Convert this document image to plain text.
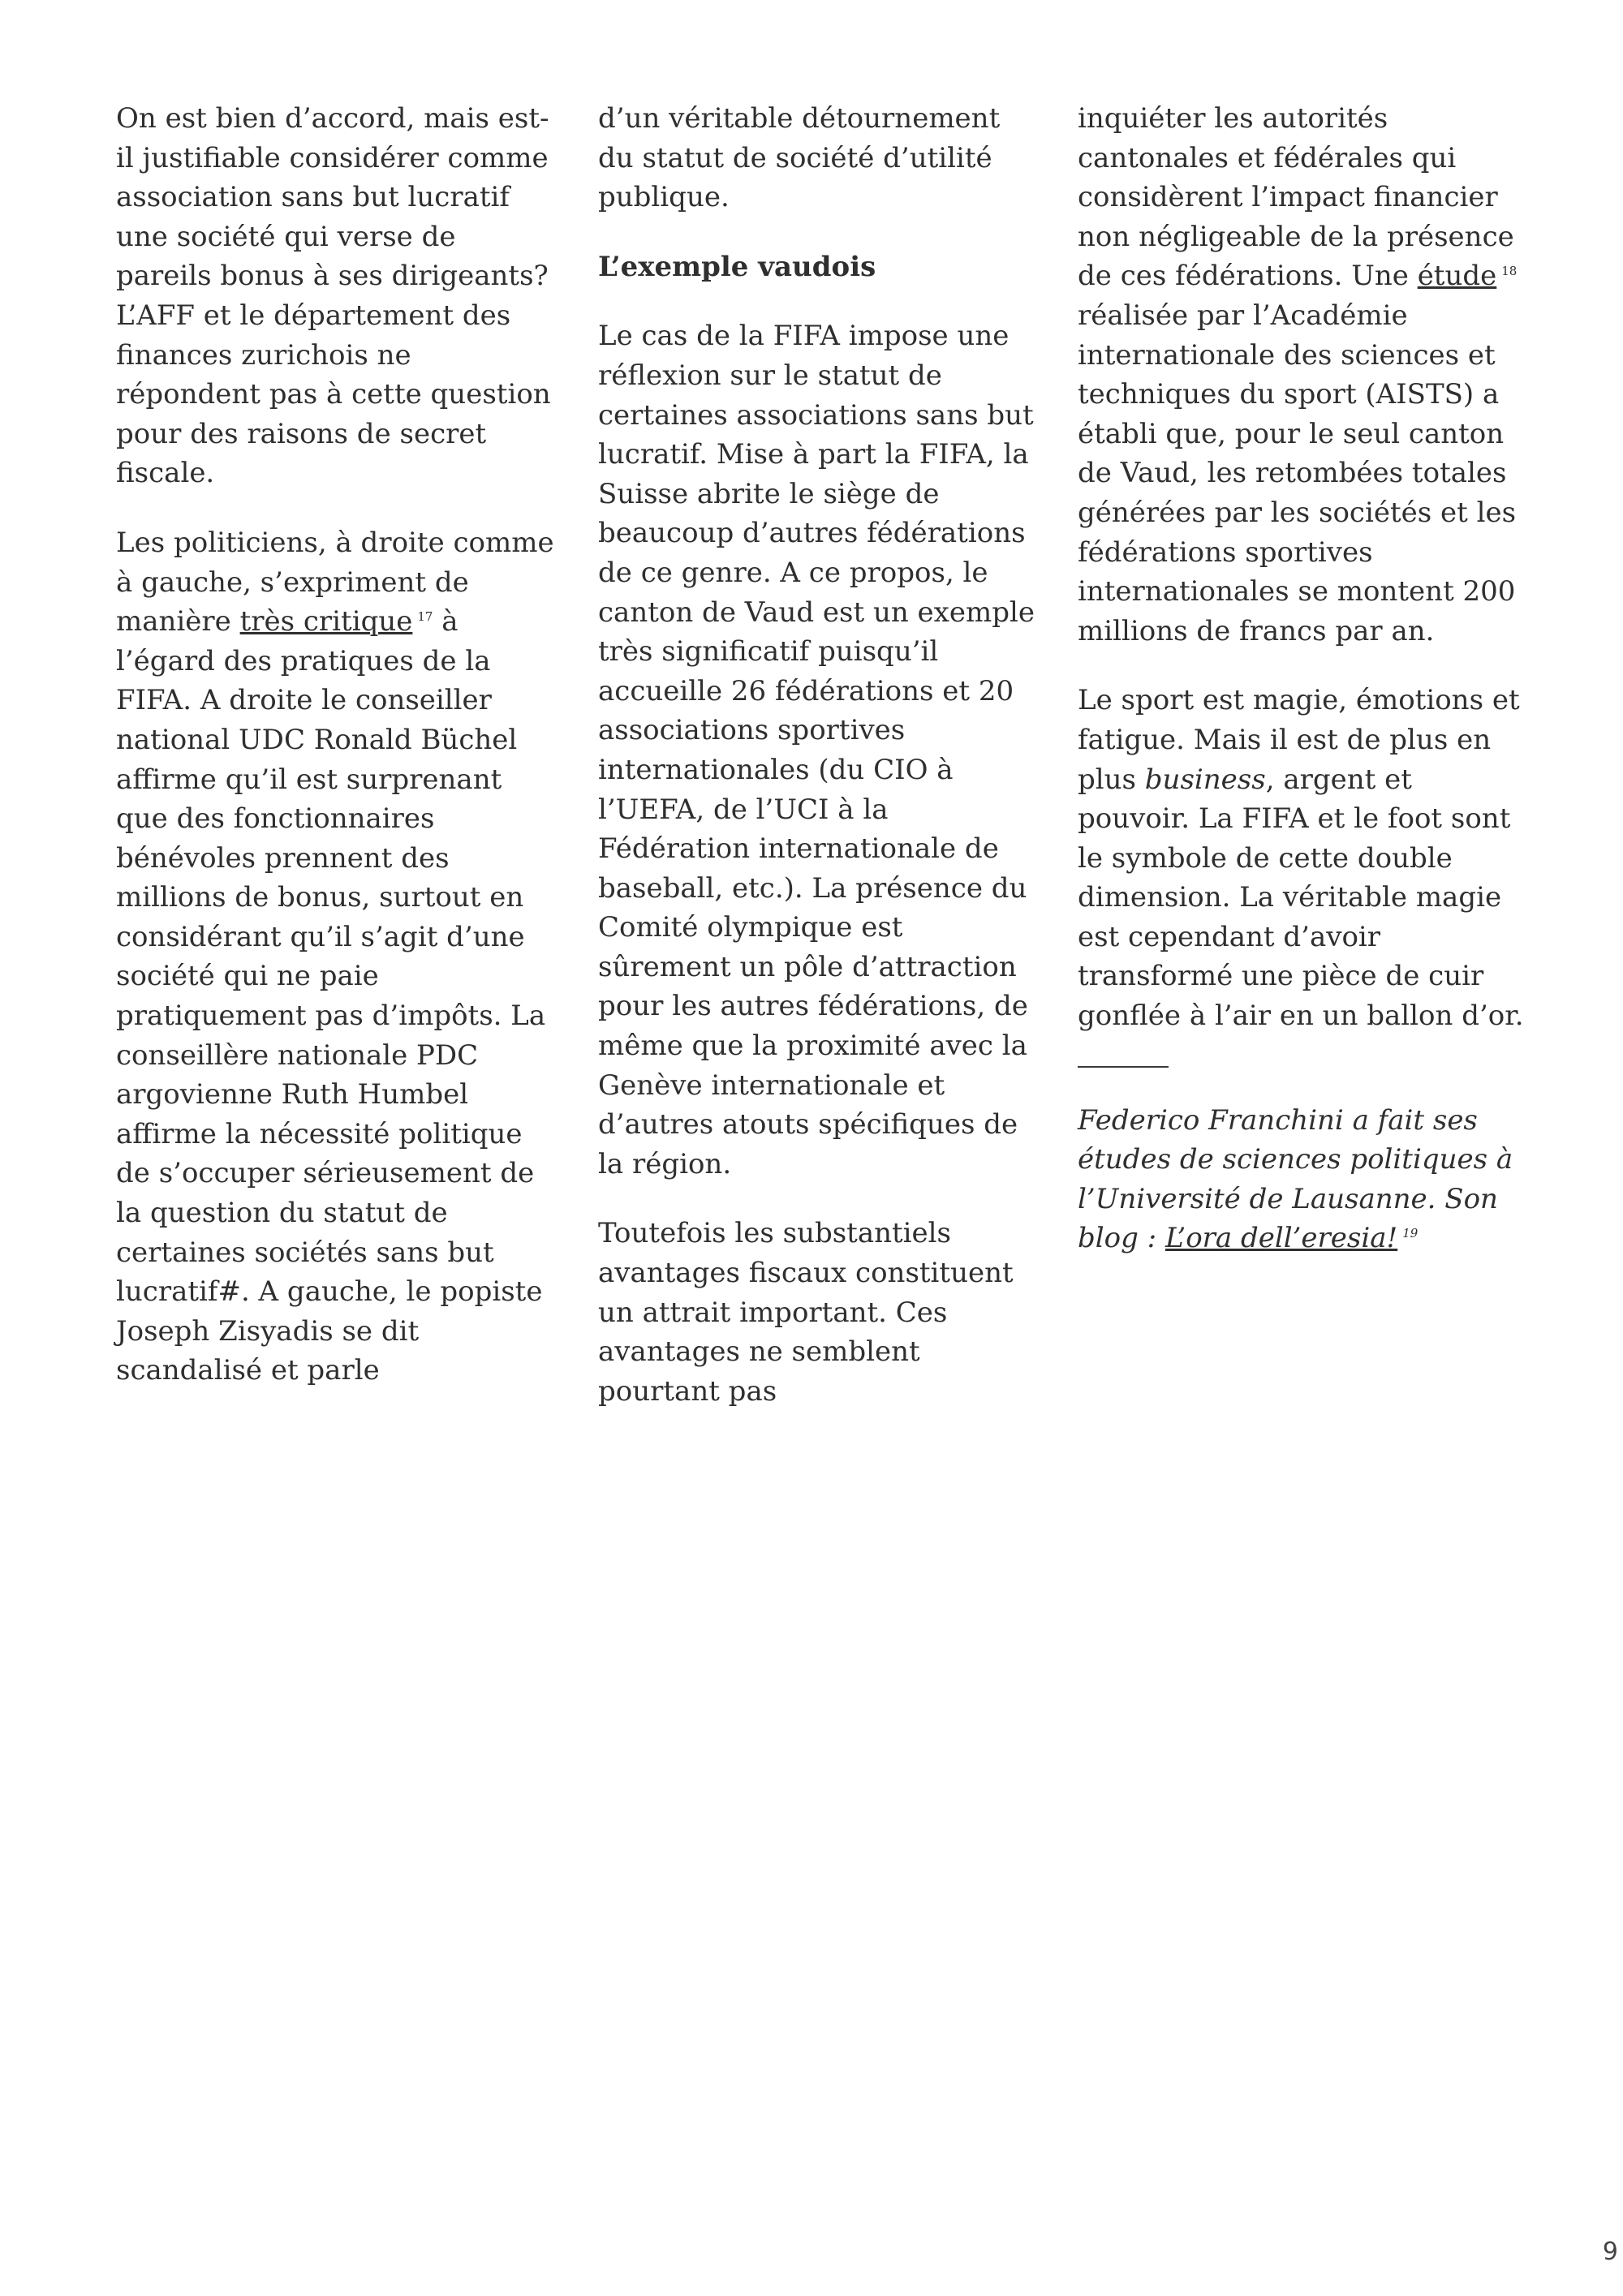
On est bien d’accord, mais est-il justifiable considérer comme association sans but lucratif une société qui verse de pareils bonus à ses dirigeants? L’AFF et le département des finances zurichois ne répondent pas à cette question pour des raisons de secret fiscale.

Les politiciens, à droite comme à gauche, s’expriment de manière très critique $^{17}$ à l’égard des pratiques de la FIFA. A droite le conseiller national UDC Ronald Büchel affirme qu’il est surprenant que des fonctionnaires bénévoles prennent des millions de bonus, surtout en considérant qu’il s’agit d’une société qui ne paie pratiquement pas d’impôts. La conseillère nationale PDC argovienne Ruth Humbel affirme la nécessité politique de s’occuper sérieusement de la question du statut de certaines sociétés sans but lucratif#. A gauche, le popiste Joseph Zisyadis se dit scandalisé et parle

d’un véritable détournement du statut de société d’utilité publique.

L’exemple vaudois

Le cas de la FIFA impose une réflexion sur le statut de certaines associations sans but lucratif. Mise à part la FIFA, la Suisse abrite le siège de beaucoup d’autres fédérations de ce genre. A ce propos, le canton de Vaud est un exemple très significatif puisqu’il accueille 26 fédérations et 20 associations sportives internationales (du CIO à l’UEFA, de l’UCI à la Fédération internationale de baseball, etc.). La présence du Comité olympique est sûrement un pôle d’attraction pour les autres fédérations, de même que la proximité avec la Genève internationale et d’autres atouts spécifiques de la région.

Toutefois les substantiels avantages fiscaux constituent un attrait important. Ces avantages ne semblent pourtant pas

inquiéter les autorités cantonales et fédérales qui considèrent l’impact financier non négligeable de la présence de ces fédérations. Une étude $^{18}$ réalisée par l’Académie internationale des sciences et techniques du sport (AISTS) a établi que, pour le seul canton de Vaud, les retombées totales générées par les sociétés et les fédérations sportives internationales se montent 200 millions de francs par an.

Le sport est magie, émotions et fatigue. Mais il est de plus en plus business, argent et pouvoir. La FIFA et le foot sont le symbole de cette double dimension. La véritable magie est cependant d’avoir transformé une pièce de cuir gonflée à l’air en un ballon d’or.

Federico Franchini a fait ses études de sciences politiques à l’Université de Lausanne. Son blog : L’ora dell’eresia! $^{19}$

9
